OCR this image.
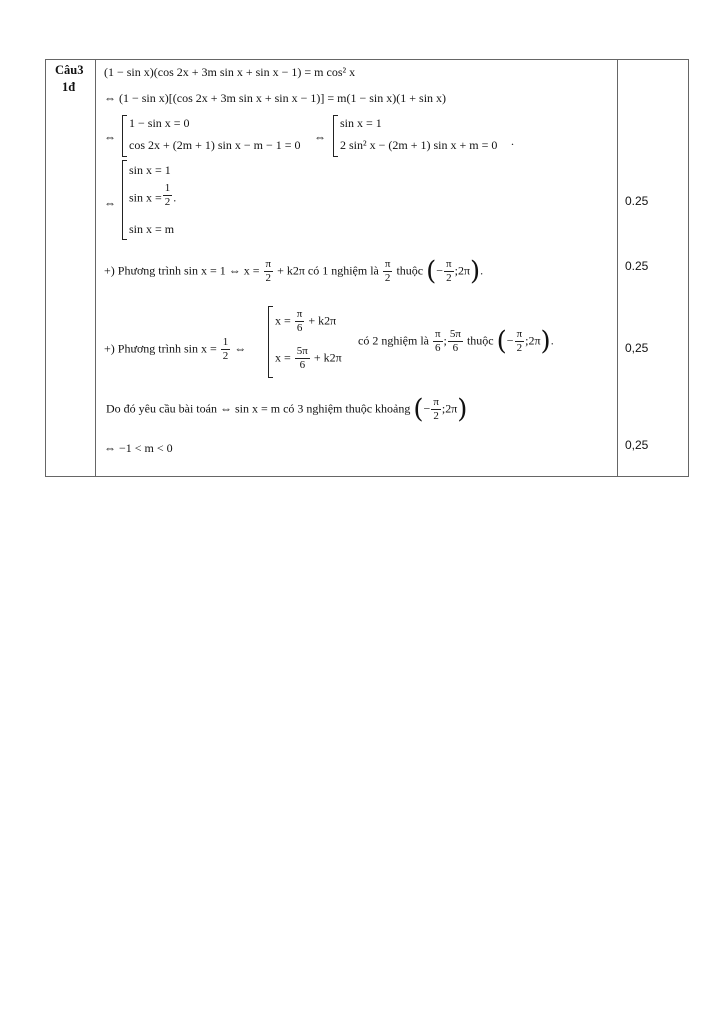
Câu3
1đ
(1 − sin x)(cos 2x + 3m sin x + sin x − 1) = m cos² x
⇔ (1 − sin x)[(cos 2x + 3m sin x + sin x − 1)] = m(1 − sin x)(1 + sin x)
⇔
1 − sin x = 0
cos 2x + (2m + 1) sin x − m − 1 = 0
⇔
sin x = 1
2 sin² x − (2m + 1) sin x + m = 0 .
⇔
sin x = 1
$\sin x = \frac{1}{2}$ .
sin x = m
+) Phương trình sin x = 1 ⇔ $x = \frac{\pi}{2} + k2\pi$ có 1 nghiệm là $\frac{\pi}{2}$ thuộc (− $\frac{\pi}{2}$ ;2π).
+) Phương trình $\sin x = \frac{1}{2}$ ⇔
$x = \frac{\pi}{6} + k2\pi$
$x = \frac{5\pi}{6} + k2\pi$
có 2 nghiệm là $\frac{\pi}{6}$ ; $\frac{5\pi}{6}$ thuộc (− $\frac{\pi}{2}$ ;2π).
Do đó yêu cầu bài toán ⇔ sin x = m có 3 nghiệm thuộc khoảng (− $\frac{\pi}{2}$ ;2π)
⇔ −1 < m < 0
0.25
0.25
0,25
0,25
